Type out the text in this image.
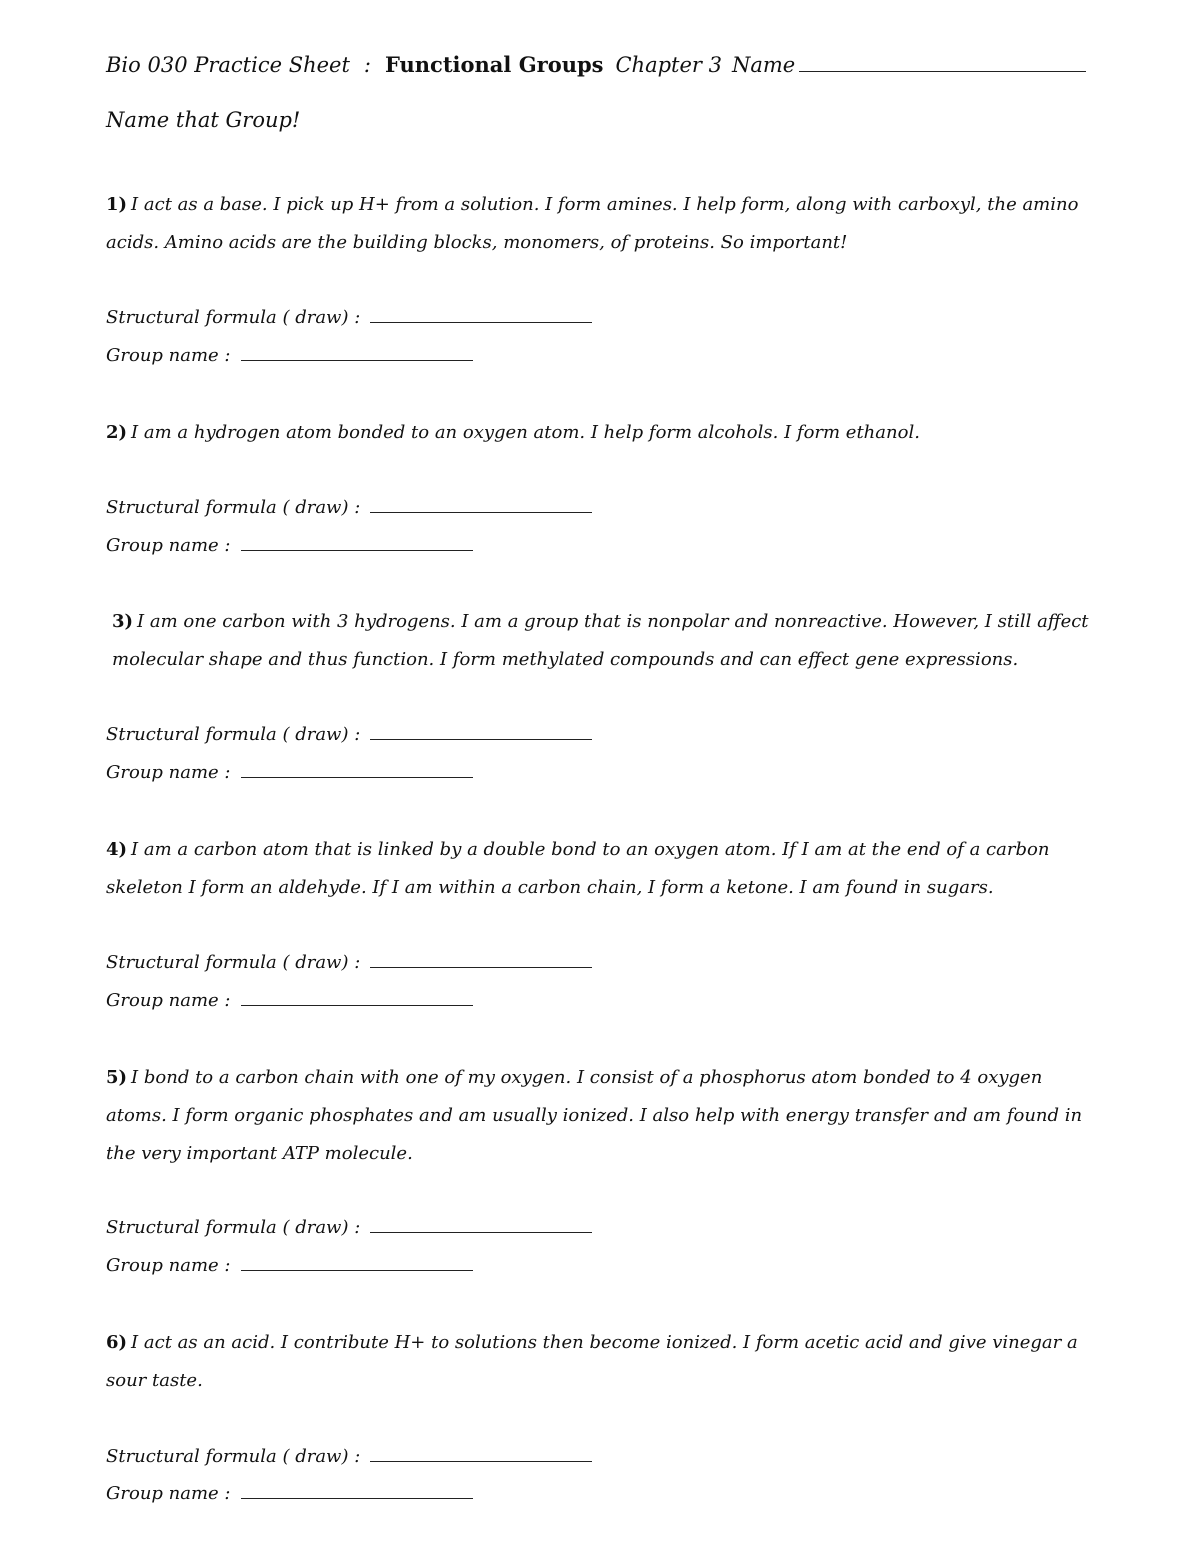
Bio 030 Practice Sheet : Functional Groups Chapter 3 Name
Name that Group!
1) I act as a base. I pick up H+ from a solution. I form amines. I help form, along with carboxyl, the amino acids. Amino acids are the building blocks, monomers, of proteins. So important!
Structural formula ( draw) :
Group name :
2) I am a hydrogen atom bonded to an oxygen atom. I help form alcohols. I form ethanol.
Structural formula ( draw) :
Group name :
3) I am one carbon with 3 hydrogens. I am a group that is nonpolar and nonreactive. However, I still affect molecular shape and thus function. I form methylated compounds and can effect gene expressions.
Structural formula ( draw) :
Group name :
4) I am a carbon atom that is linked by a double bond to an oxygen atom. If I am at the end of a carbon skeleton I form an aldehyde. If I am within a carbon chain, I form a ketone. I am found in sugars.
Structural formula ( draw) :
Group name :
5) I bond to a carbon chain with one of my oxygen. I consist of a phosphorus atom bonded to 4 oxygen atoms. I form organic phosphates and am usually ionized. I also help with energy transfer and am found in the very important ATP molecule.
Structural formula ( draw) :
Group name :
6) I act as an acid. I contribute H+ to solutions then become ionized. I form acetic acid and give vinegar a sour taste.
Structural formula ( draw) :
Group name :
